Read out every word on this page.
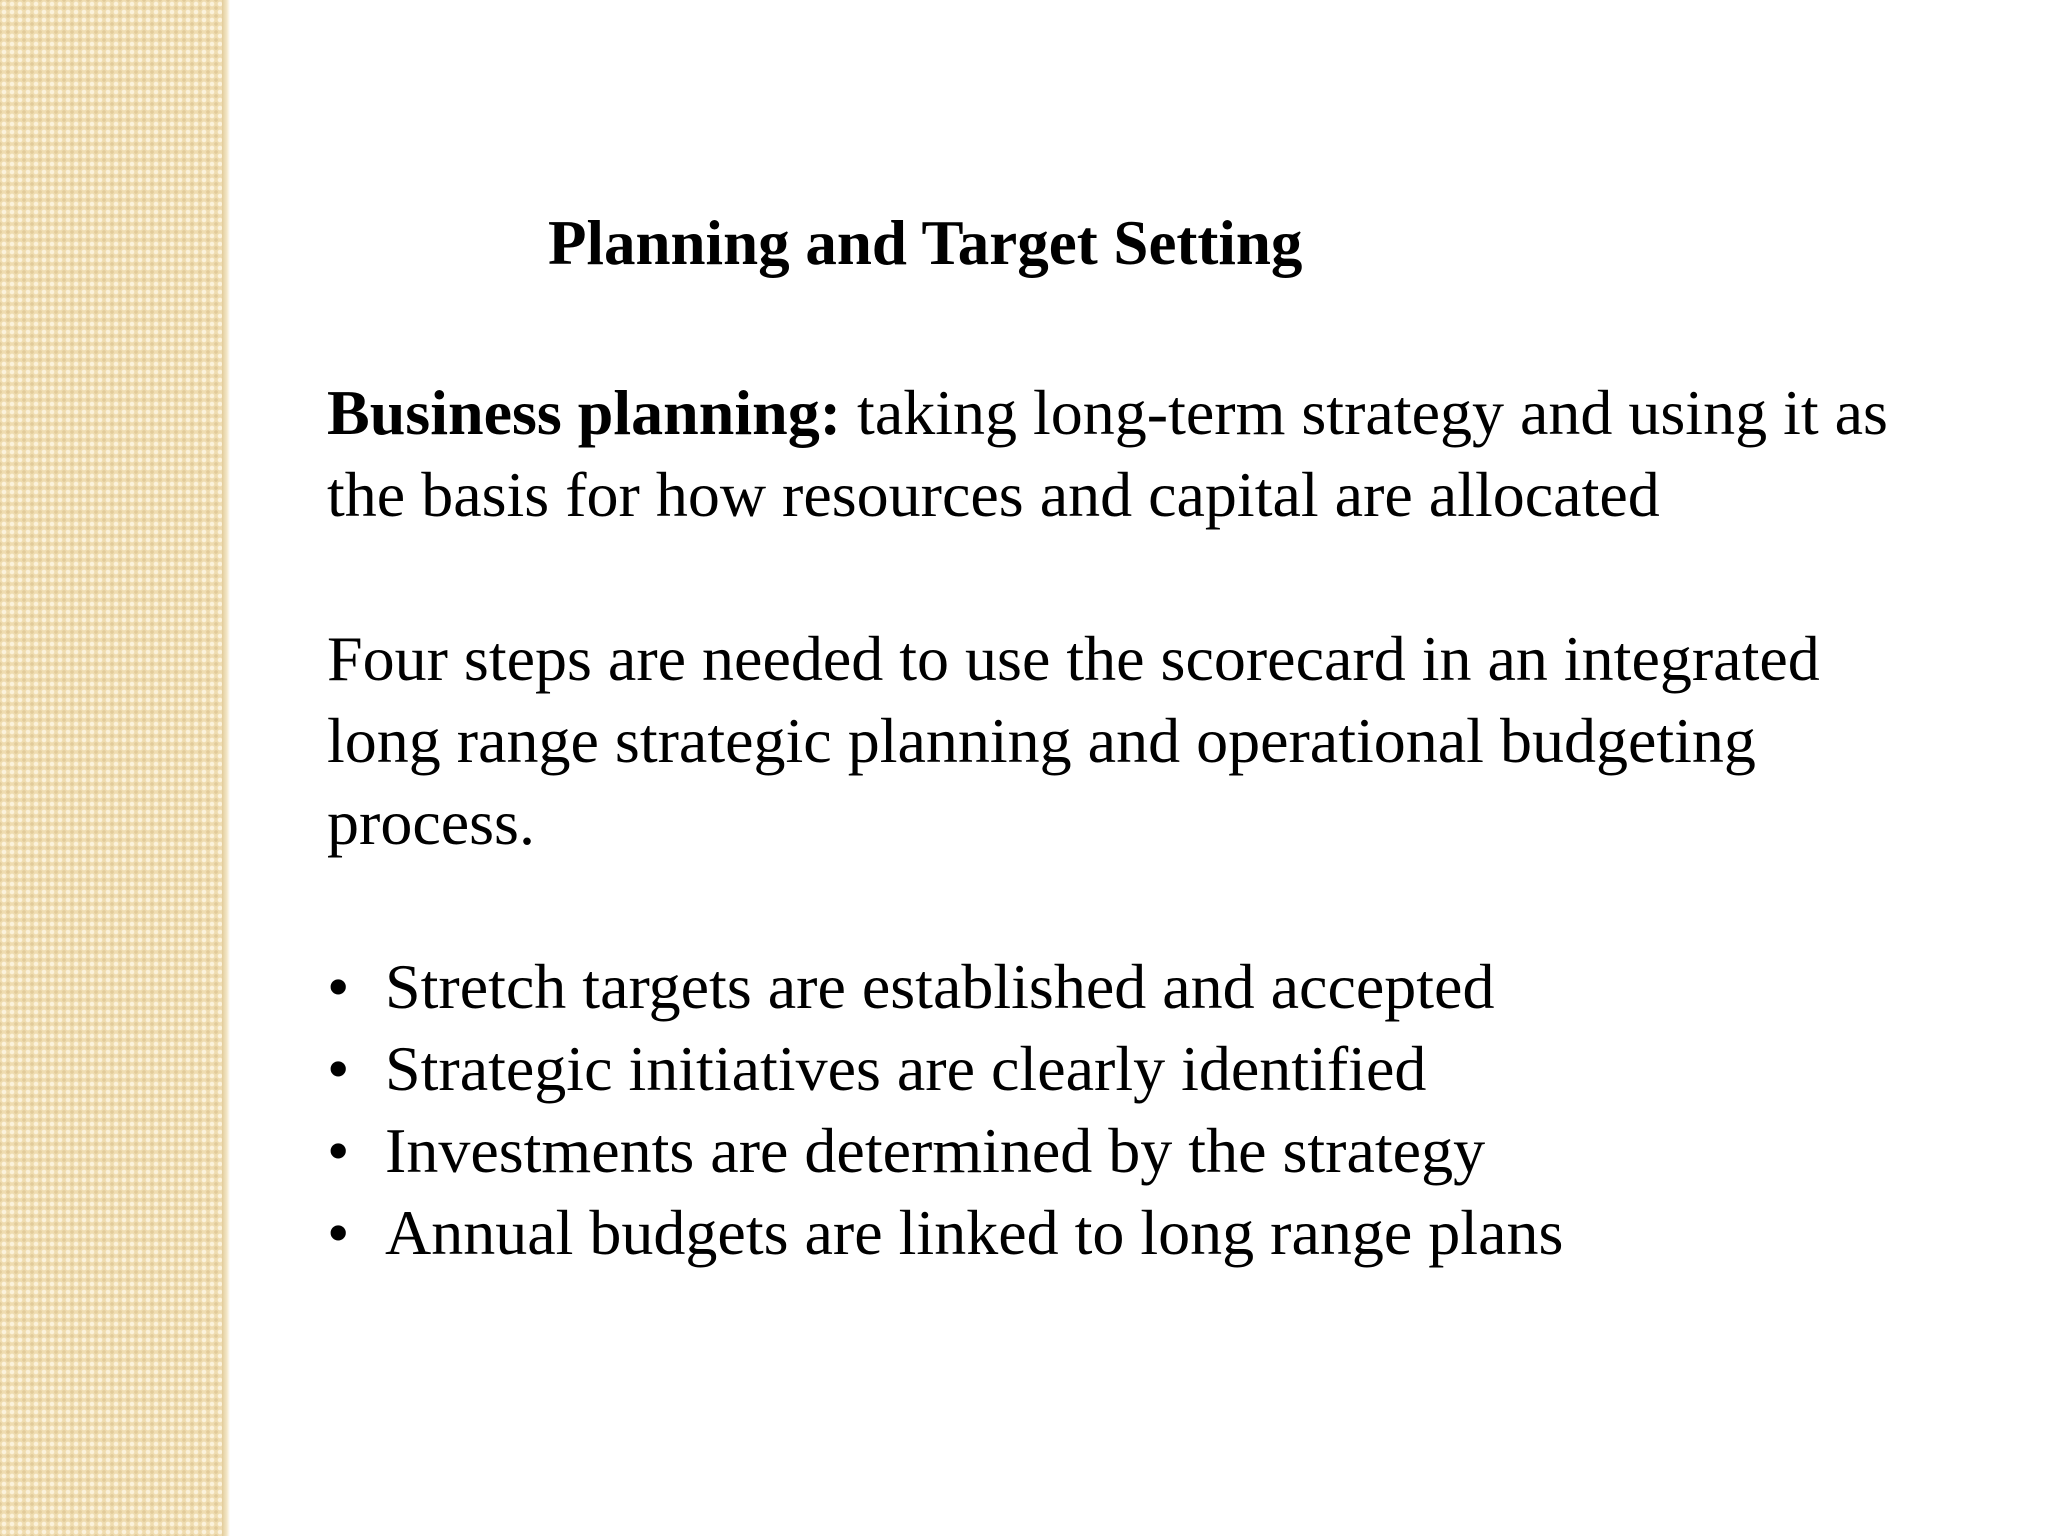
Planning and Target Setting

Business planning: taking long-term strategy and using it as the basis for how resources and capital are allocated

Four steps are needed to use the scorecard in an integrated long range strategic planning and operational budgeting process.

• Stretch targets are established and accepted
• Strategic initiatives are clearly identified
• Investments are determined by the strategy
• Annual budgets are linked to long range plans
